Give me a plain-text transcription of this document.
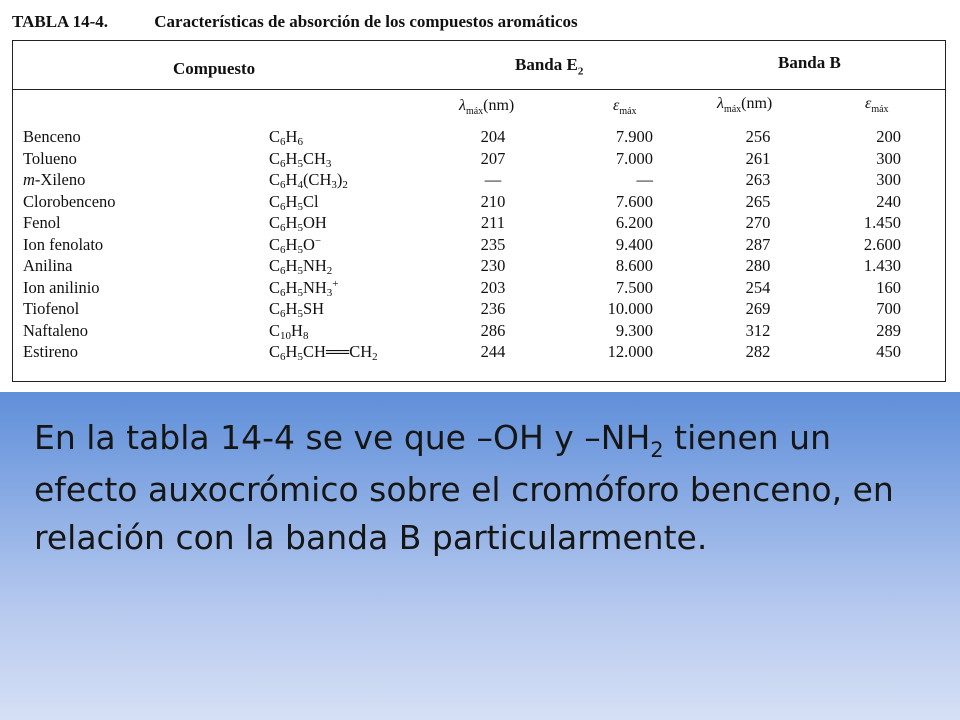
TABLA 14-4.	Características de absorción de los compuestos aromáticos
Compuesto	Banda $E_2$	Banda B
$\lambda_{máx}(nm)$	$\varepsilon_{máx}$	$\lambda_{máx}(nm)$	$\varepsilon_{máx}$
Benceno	$C_6H_6$	204	7.900	256	200
Tolueno	$C_6H_5CH_3$	207	7.000	261	300
m-Xileno	$C_6H_4(CH_3)_2$	—	—	263	300
Clorobenceno	$C_6H_5Cl$	210	7.600	265	240
Fenol	$C_6H_5OH$	211	6.200	270	1.450
Ion fenolato	$C_6H_5O^-$	235	9.400	287	2.600
Anilina	$C_6H_5NH_2$	230	8.600	280	1.430
Ion anilinio	$C_6H_5NH_3^+$	203	7.500	254	160
Tiofenol	$C_6H_5SH$	236	10.000	269	700
Naftaleno	$C_{10}H_8$	286	9.300	312	289
Estireno	$C_6H_5CH══CH_2$	244	12.000	282	450
En la tabla 14-4 se ve que –OH y $-NH_2$ tienen un efecto auxocrómico sobre el cromóforo benceno, en relación con la banda B particularmente.
